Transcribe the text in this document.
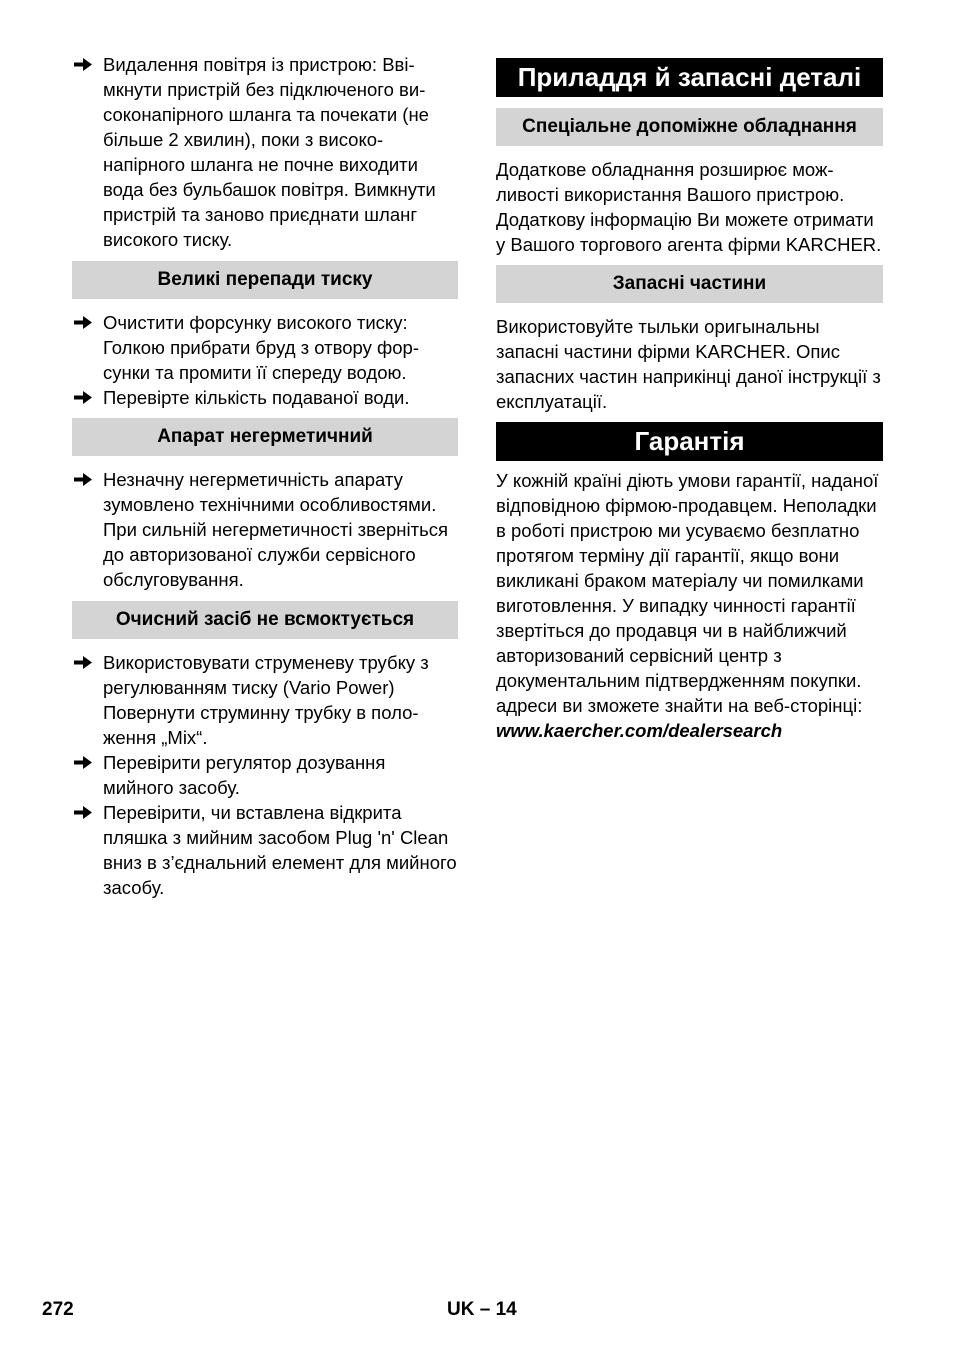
Видалення повітря із пристрою: Ввімкнути пристрій без підключеного високонапірного шланга та почекати (не більше 2 хвилин), поки з високонапірного шланга не почне виходити вода без бульбашок повітря. Вимкнути пристрій та заново приєднати шланг високого тиску.
Великі перепади тиску
Очистити форсунку високого тиску: Голкою прибрати бруд з отвору форсунки та промити її спереду водою.
Перевірте кількість подаваної води.
Апарат негерметичний
Незначну негерметичність апарату зумовлено технічними особливостями. При сильній негерметичності зверніться до авторизованої служби сервісного обслуговування.
Очисний засіб не всмоктується
Використовувати струменеву трубку з регулюванням тиску (Vario Power) Повернути струминну трубку в положення „Mix“.
Перевірити регулятор дозування мийного засобу.
Перевірити, чи вставлена відкрита пляшка з мийним засобом Plug 'n' Clean вниз в з’єднальний елемент для мийного засобу.
Приладдя й запасні деталі
Спеціальне допоміжне обладнання

Додаткове обладнання розширює можливості використання Вашого пристрою. Додаткову інформацію Ви можете отримати у Вашого торгового агента фірми KARCHER.

Запасні частини

Використовуйте тыльки оригынальны запасні частини фірми KARCHER. Опис запасних частин наприкінці даної інструкції з експлуатації.

Гарантія

У кожній країні діють умови гарантії, наданої відповідною фірмою-продавцем. Неполадки в роботі пристрою ми усуваємо безплатно протягом терміну дії гарантії, якщо вони викликані браком матеріалу чи помилками виготовлення. У випадку чинності гарантії звертіться до продавця чи в найближчий авторизований сервісний центр з документальним підтвердженням покупки.

адреси ви зможете знайти на веб-сторінці:

www.kaercher.com/dealersearch
272	UK – 14
